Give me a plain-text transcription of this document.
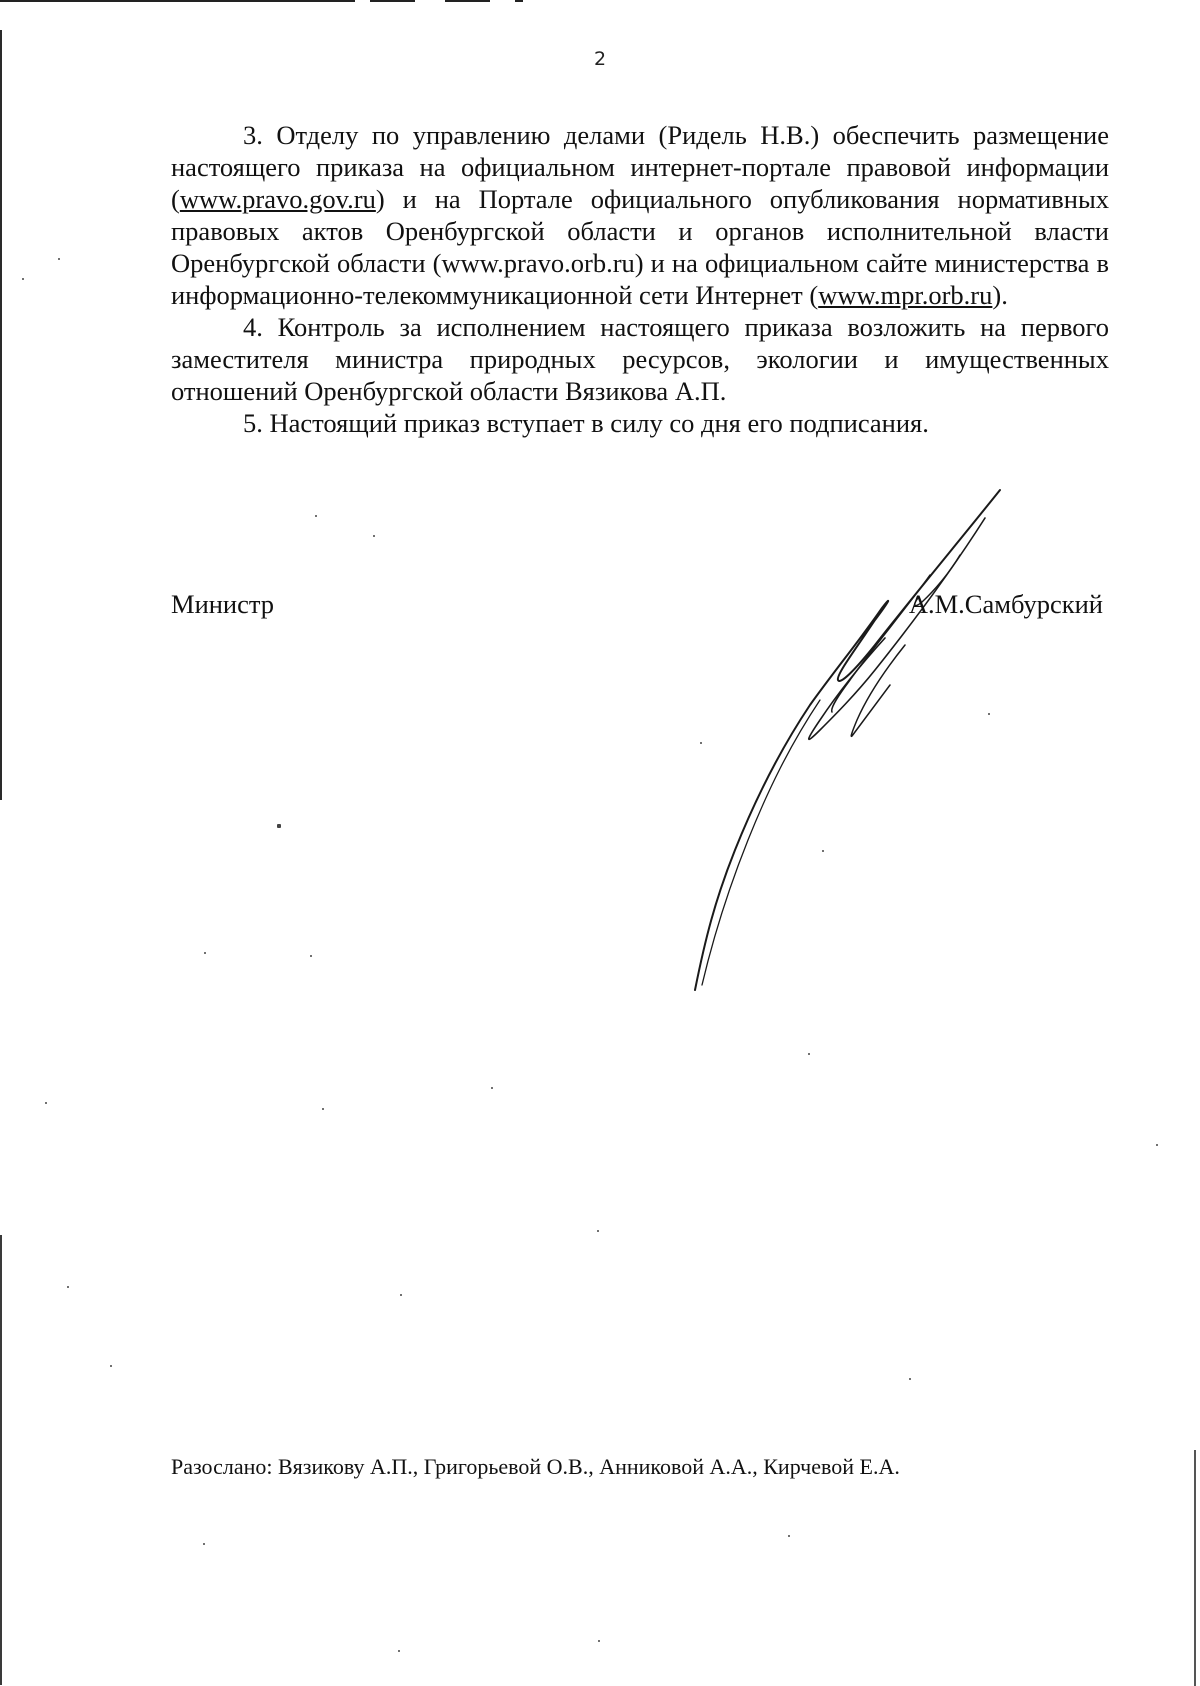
2

3. Отделу по управлению делами (Ридель Н.В.) обеспечить размещение настоящего приказа на официальном интернет-портале правовой информации (www.pravo.gov.ru) и на Портале официального опубликования нормативных правовых актов Оренбургской области и органов исполнительной власти Оренбургской области (www.pravo.orb.ru) и на официальном сайте министерства в информационно-телекоммуникационной сети Интернет (www.mpr.orb.ru).

4. Контроль за исполнением настоящего приказа возложить на первого заместителя министра природных ресурсов, экологии и имущественных отношений Оренбургской области Вязикова А.П.

5. Настоящий приказ вступает в силу со дня его подписания.

Министр	А.М.Самбурский
Разослано: Вязикову А.П., Григорьевой О.В., Анниковой А.А., Кирчевой Е.А.
